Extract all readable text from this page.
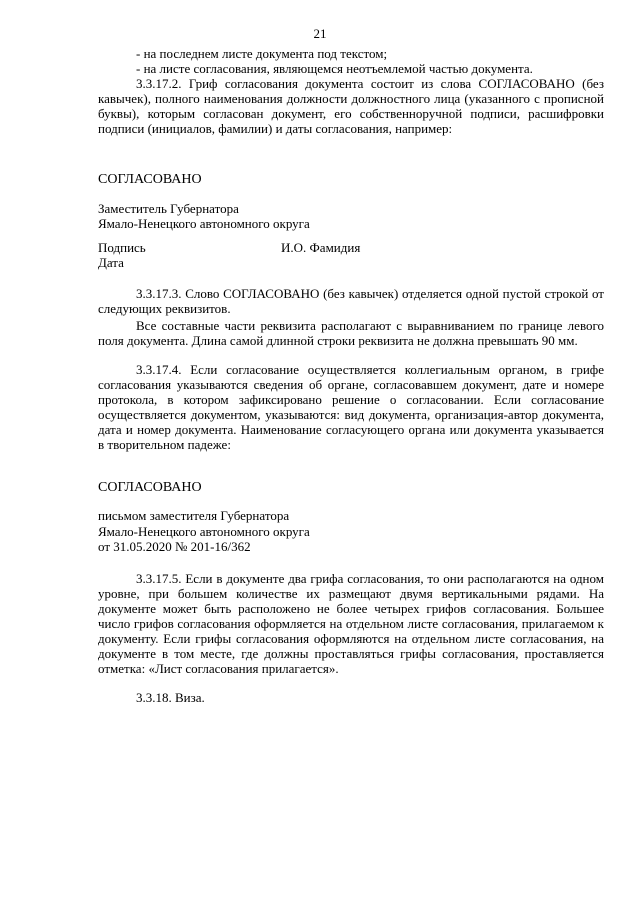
21
- на последнем листе документа под текстом;
- на листе согласования, являющемся неотъемлемой частью документа.

3.3.17.2. Гриф согласования документа состоит из слова СОГЛАСОВАНО (без кавычек), полного наименования должности должностного лица (указанного с прописной буквы), которым согласован документ, его собственноручной подписи, расшифровки подписи (инициалов, фамилии) и даты согласования, например:

СОГЛАСОВАНО
Заместитель Губернатора
Ямало-Ненецкого автономного округа
Подпись	И.О. Фамидия
Дата

3.3.17.3. Слово СОГЛАСОВАНО (без кавычек) отделяется одной пустой строкой от следующих реквизитов.

Все составные части реквизита располагают с выравниванием по границе левого поля документа. Длина самой длинной строки реквизита не должна превышать 90 мм.

3.3.17.4. Если согласование осуществляется коллегиальным органом, в грифе согласования указываются сведения об органе, согласовавшем документ, дате и номере протокола, в котором зафиксировано решение о согласовании. Если согласование осуществляется документом, указываются: вид документа, организация-автор документа, дата и номер документа. Наименование согласующего органа или документа указывается в творительном падеже:

СОГЛАСОВАНО
письмом заместителя Губернатора
Ямало-Ненецкого автономного округа
от 31.05.2020 № 201-16/362

3.3.17.5. Если в документе два грифа согласования, то они располагаются на одном уровне, при большем количестве их размещают двумя вертикальными рядами. На документе может быть расположено не более четырех грифов согласования. Большее число грифов согласования оформляется на отдельном листе согласования, прилагаемом к документу. Если грифы согласования оформляются на отдельном листе согласования, на документе в том месте, где должны проставляться грифы согласования, проставляется отметка: «Лист согласования прилагается».

3.3.18. Виза.
